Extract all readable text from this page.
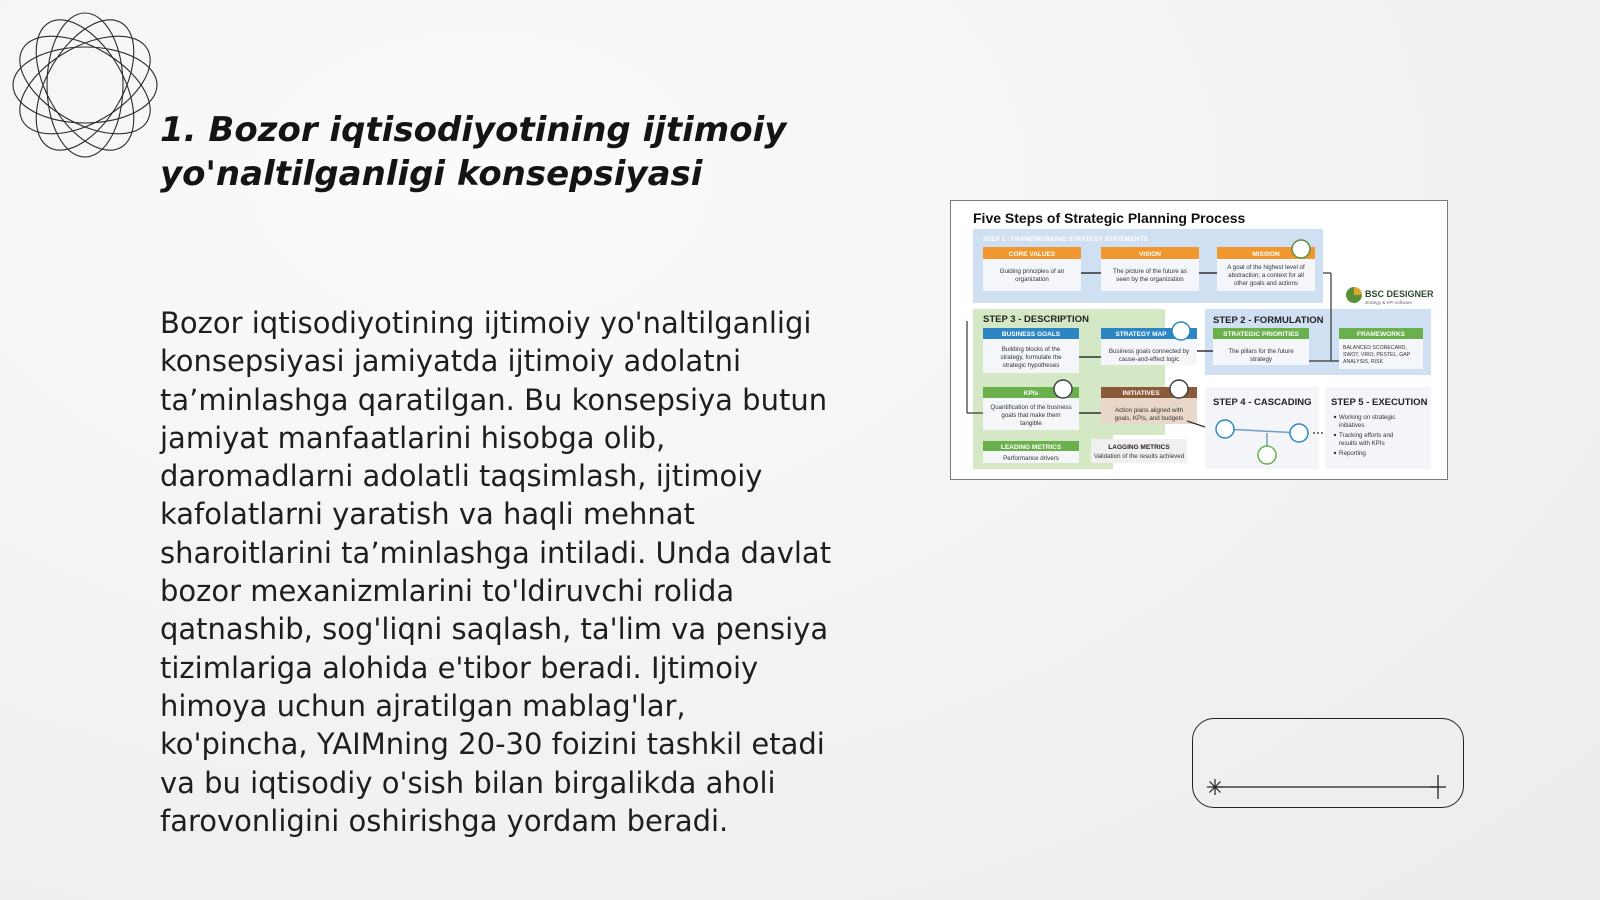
1. Bozor iqtisodiyotining ijtimoiy yo'naltilganligi konsepsiyasi

Bozor iqtisodiyotining ijtimoiy yo'naltilganligi konsepsiyasi jamiyatda ijtimoiy adolatni ta’minlashga qaratilgan. Bu konsepsiya butun jamiyat manfaatlarini hisobga olib, daromadlarni adolatli taqsimlash, ijtimoiy kafolatlarni yaratish va haqli mehnat sharoitlarini ta’minlashga intiladi. Unda davlat bozor mexanizmlarini to'ldiruvchi rolida qatnashib, sog'liqni saqlash, ta'lim va pensiya tizimlariga alohida e'tibor beradi. Ijtimoiy himoya uchun ajratilgan mablag'lar, ko'pincha, YAIMning 20-30 foizini tashkil etadi va bu iqtisodiy o'sish bilan birgalikda aholi farovonligini oshirishga yordam beradi.

Five Steps of Strategic Planning Process
STEP 1 - FRAMEWORKING STRATEGY STATEMENTS
CORE VALUES
Guiding principles of an
organization
VISION
The picture of the future as
seen by the organization
MISSION
A goal of the highest level of
abstraction; a context for all
other goals and actions
BSC DESIGNER
strategy & KPI software
STEP 3 - DESCRIPTION
BUSINESS GOALS
Building blocks of the
strategy, formulate the
strategic hypotheses
STRATEGY MAP
Business goals connected by
cause-and-effect logic
KPIs
Quantification of the business
goals that make them
tangible
INITIATIVES
Action plans aligned with
goals, KPIs, and budgets
LEADING METRICS
Performance drivers
LAGGING METRICS
Validation of the results achieved
STEP 2 - FORMULATION
STRATEGIC PRIORITIES
The pillars for the future
strategy
FRAMEWORKS
BALANCED SCORECARD,
SWOT, VRIO, PESTEL, GAP
ANALYSIS, RISK
STEP 4 - CASCADING STEP 5 - EXECUTION
Working on strategic
initiatives
Tracking efforts and
results with KPIs
Reporting
